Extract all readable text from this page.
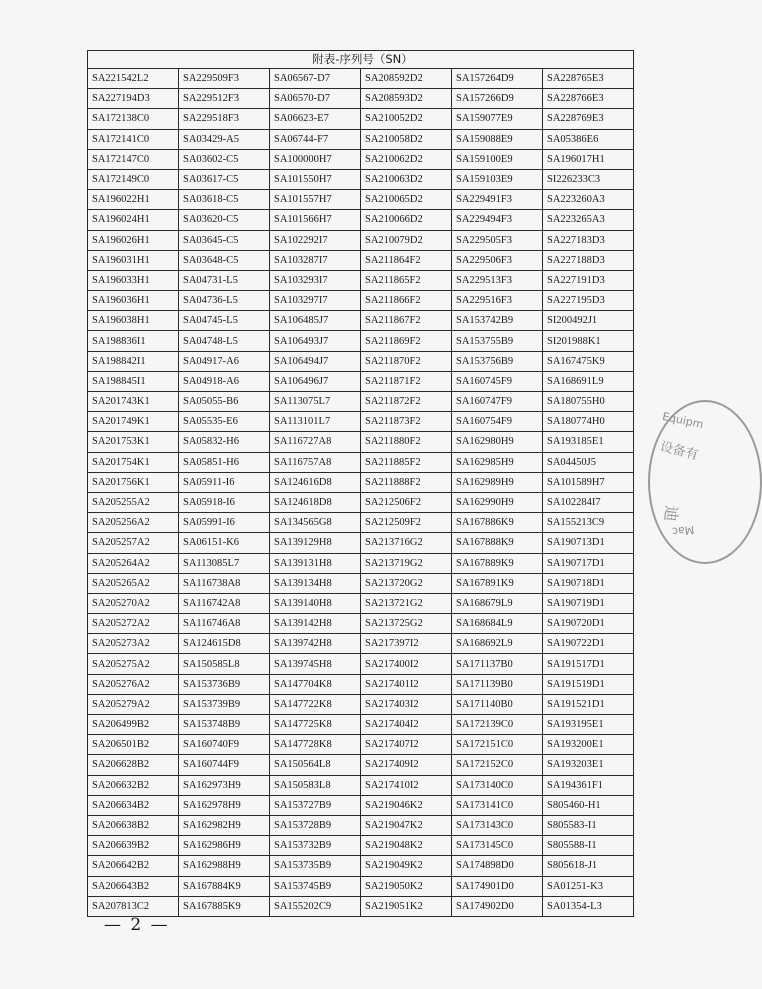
附表-序列号（SN）					
SA221542L2	SA229509F3	SA06567-D7	SA208592D2	SA157264D9	SA228765E3
SA227194D3	SA229512F3	SA06570-D7	SA208593D2	SA157266D9	SA228766E3
SA172138C0	SA229518F3	SA06623-E7	SA210052D2	SA159077E9	SA228769E3
SA172141C0	SA03429-A5	SA06744-F7	SA210058D2	SA159088E9	SA05386E6
SA172147C0	SA03602-C5	SA100000H7	SA210062D2	SA159100E9	SA196017H1
SA172149C0	SA03617-C5	SA101550H7	SA210063D2	SA159103E9	SI226233C3
SA196022H1	SA03618-C5	SA101557H7	SA210065D2	SA229491F3	SA223260A3
SA196024H1	SA03620-C5	SA101566H7	SA210066D2	SA229494F3	SA223265A3
SA196026H1	SA03645-C5	SA102292I7	SA210079D2	SA229505F3	SA227183D3
SA196031H1	SA03648-C5	SA103287I7	SA211864F2	SA229506F3	SA227188D3
SA196033H1	SA04731-L5	SA103293I7	SA211865F2	SA229513F3	SA227191D3
SA196036H1	SA04736-L5	SA103297I7	SA211866F2	SA229516F3	SA227195D3
SA196038H1	SA04745-L5	SA106485J7	SA211867F2	SA153742B9	SI200492J1
SA198836I1	SA04748-L5	SA106493J7	SA211869F2	SA153755B9	SI201988K1
SA198842I1	SA04917-A6	SA106494J7	SA211870F2	SA153756B9	SA167475K9
SA198845I1	SA04918-A6	SA106496J7	SA211871F2	SA160745F9	SA168691L9
SA201743K1	SA05055-B6	SA113075L7	SA211872F2	SA160747F9	SA180755H0
SA201749K1	SA05535-E6	SA113101L7	SA211873F2	SA160754F9	SA180774H0
SA201753K1	SA05832-H6	SA116727A8	SA211880F2	SA162980H9	SA193185E1
SA201754K1	SA05851-H6	SA116757A8	SA211885F2	SA162985H9	SA04450J5
SA201756K1	SA05911-I6	SA124616D8	SA211888F2	SA162989H9	SA101589H7
SA205255A2	SA05918-I6	SA124618D8	SA212506F2	SA162990H9	SA102284I7
SA205256A2	SA05991-I6	SA134565G8	SA212509F2	SA167886K9	SA155213C9
SA205257A2	SA06151-K6	SA139129H8	SA213716G2	SA167888K9	SA190713D1
SA205264A2	SA113085L7	SA139131H8	SA213719G2	SA167889K9	SA190717D1
SA205265A2	SA116738A8	SA139134H8	SA213720G2	SA167891K9	SA190718D1
SA205270A2	SA116742A8	SA139140H8	SA213721G2	SA168679L9	SA190719D1
SA205272A2	SA116746A8	SA139142H8	SA213725G2	SA168684L9	SA190720D1
SA205273A2	SA124615D8	SA139742H8	SA217397I2	SA168692L9	SA190722D1
SA205275A2	SA150585L8	SA139745H8	SA217400I2	SA171137B0	SA191517D1
SA205276A2	SA153736B9	SA147704K8	SA217401I2	SA171139B0	SA191519D1
SA205279A2	SA153739B9	SA147722K8	SA217403I2	SA171140B0	SA191521D1
SA206499B2	SA153748B9	SA147725K8	SA217404I2	SA172139C0	SA193195E1
SA206501B2	SA160740F9	SA147728K8	SA217407I2	SA172151C0	SA193200E1
SA206628B2	SA160744F9	SA150564L8	SA217409I2	SA172152C0	SA193203E1
SA206632B2	SA162973H9	SA150583L8	SA217410I2	SA173140C0	SA194361F1
SA206634B2	SA162978H9	SA153727B9	SA219046K2	SA173141C0	S805460-H1
SA206638B2	SA162982H9	SA153728B9	SA219047K2	SA173143C0	S805583-I1
SA206639B2	SA162986H9	SA153732B9	SA219048K2	SA173145C0	S805588-I1
SA206642B2	SA162988H9	SA153735B9	SA219049K2	SA174898D0	S805618-J1
SA206643B2	SA167884K9	SA153745B9	SA219050K2	SA174901D0	SA01251-K3
SA207813C2	SA167885K9	SA155202C9	SA219051K2	SA174902D0	SA01354-L3
Equipm
设备有
迪
Mac
— 2 —
